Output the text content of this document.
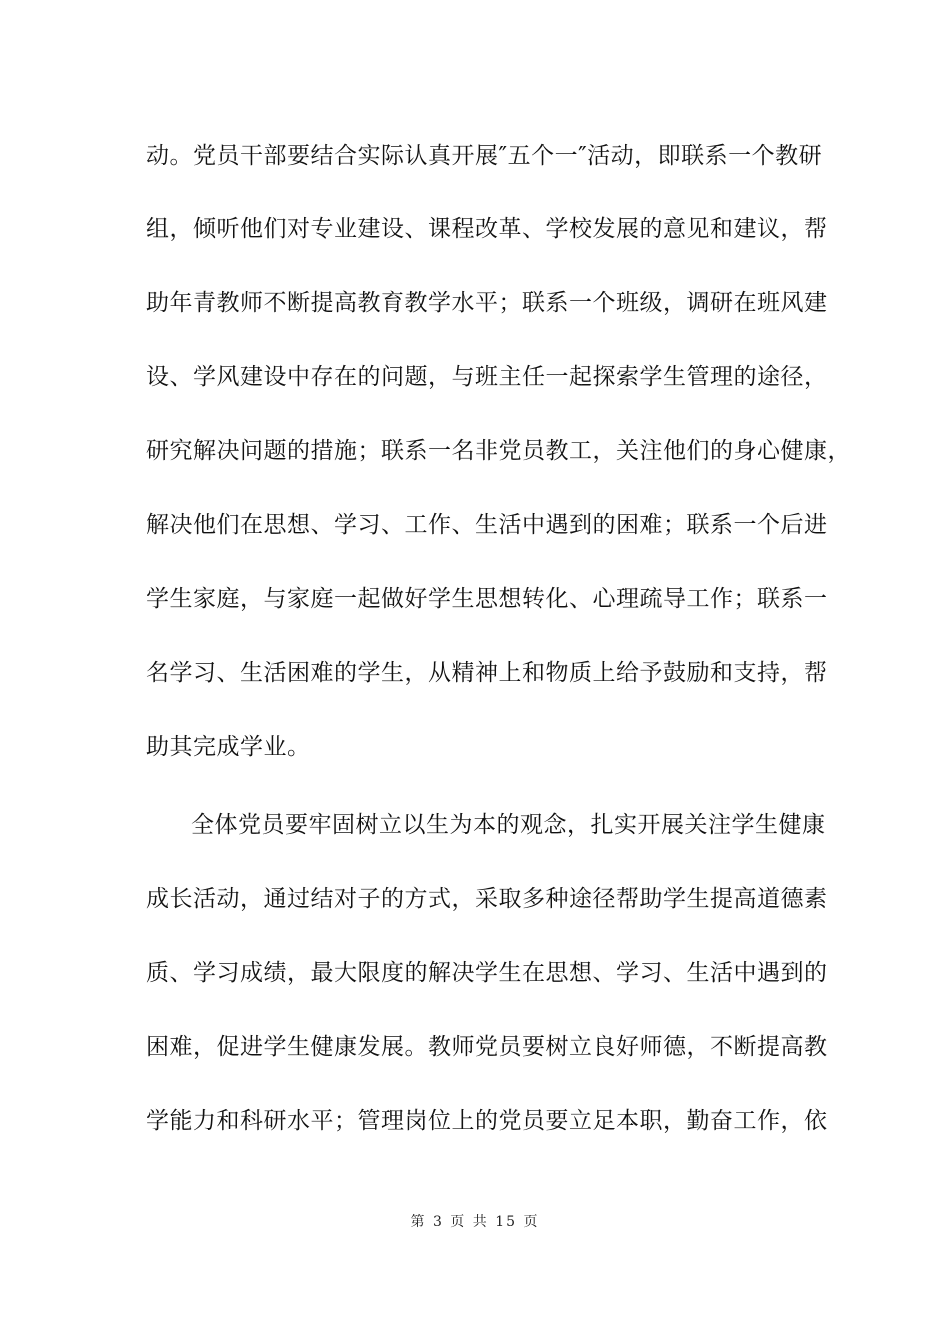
动。党员干部要结合实际认真开展″五个一″活动，即联系一个教研
组，倾听他们对专业建设、课程改革、学校发展的意见和建议，帮
助年青教师不断提高教育教学水平；联系一个班级，调研在班风建
设、学风建设中存在的问题，与班主任一起探索学生管理的途径，
研究解决问题的措施；联系一名非党员教工，关注他们的身心健康，
解决他们在思想、学习、工作、生活中遇到的困难；联系一个后进
学生家庭，与家庭一起做好学生思想转化、心理疏导工作；联系一
名学习、生活困难的学生，从精神上和物质上给予鼓励和支持，帮
助其完成学业。
全体党员要牢固树立以生为本的观念，扎实开展关注学生健康
成长活动，通过结对子的方式，采取多种途径帮助学生提高道德素
质、学习成绩，最大限度的解决学生在思想、学习、生活中遇到的
困难，促进学生健康发展。教师党员要树立良好师德，不断提高教
学能力和科研水平；管理岗位上的党员要立足本职，勤奋工作，依
第 3 页 共 15 页
